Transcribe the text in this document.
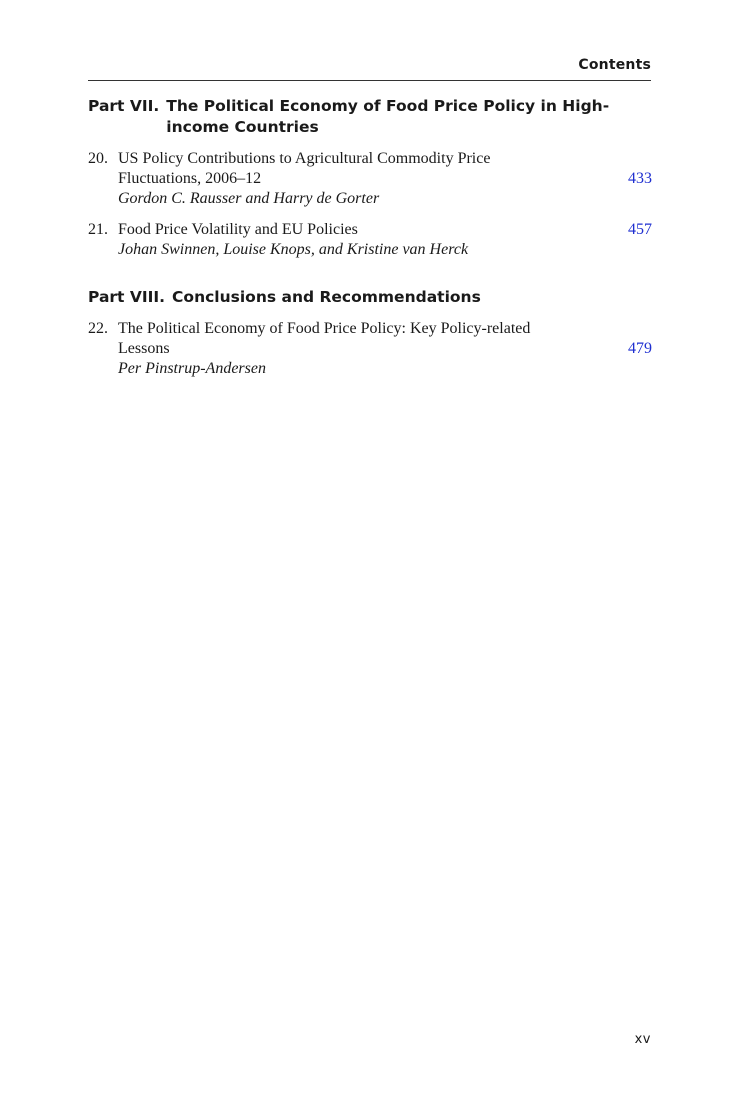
Contents
Part VII. The Political Economy of Food Price Policy in High-income Countries
20. US Policy Contributions to Agricultural Commodity Price
Fluctuations, 2006–12
Gordon C. Rausser and Harry de Gorter
433
21. Food Price Volatility and EU Policies
Johan Swinnen, Louise Knops, and Kristine van Herck
457
Part VIII. Conclusions and Recommendations
22. The Political Economy of Food Price Policy: Key Policy-related
Lessons
Per Pinstrup-Andersen
479
xv
